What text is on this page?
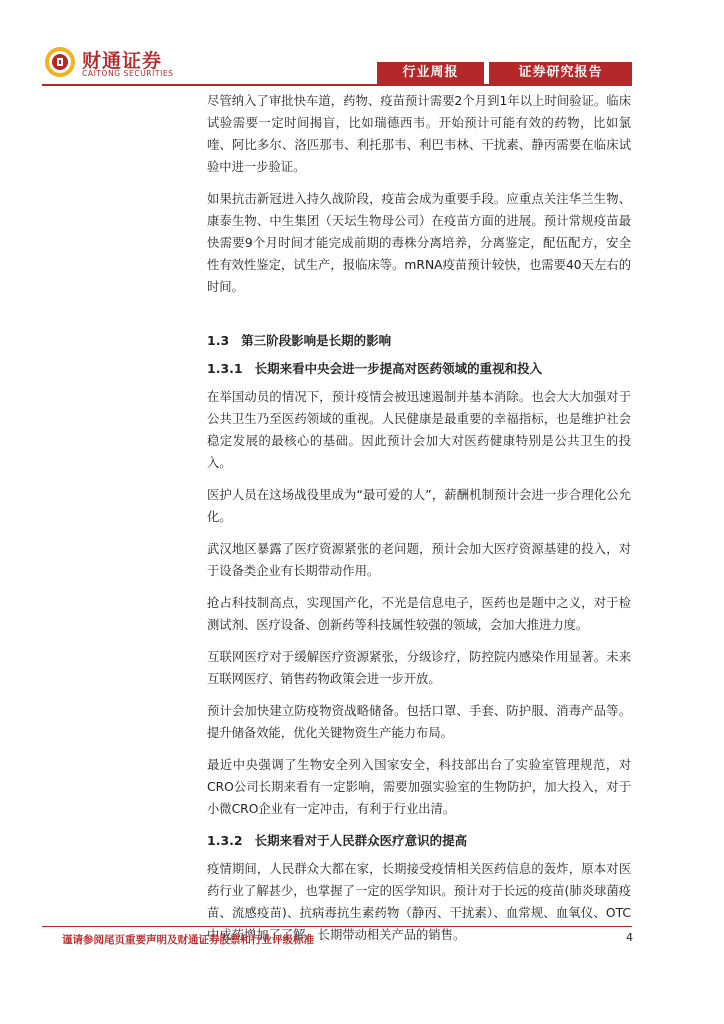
财通证券
CAITONG SECURITIES	行业周报	证券研究报告

尽管纳入了审批快车道，药物、疫苗预计需要2个月到1年以上时间验证。临床试验需要一定时间揭盲，比如瑞德西韦。开始预计可能有效的药物，比如氯喹、阿比多尔、洛匹那韦、利托那韦、利巴韦林、干扰素、静丙需要在临床试验中进一步验证。

如果抗击新冠进入持久战阶段，疫苗会成为重要手段。应重点关注华兰生物、康泰生物、中生集团（天坛生物母公司）在疫苗方面的进展。预计常规疫苗最快需要9个月时间才能完成前期的毒株分离培养，分离鉴定，配伍配方，安全性有效性鉴定，试生产，报临床等。mRNA疫苗预计较快，也需要40天左右的时间。

1.3 第三阶段影响是长期的影响
1.3.1 长期来看中央会进一步提高对医药领域的重视和投入

在举国动员的情况下，预计疫情会被迅速遏制并基本消除。也会大大加强对于公共卫生乃至医药领域的重视。人民健康是最重要的幸福指标，也是维护社会稳定发展的最核心的基础。因此预计会加大对医药健康特别是公共卫生的投入。

医护人员在这场战役里成为“最可爱的人”，薪酬机制预计会进一步合理化公允化。

武汉地区暴露了医疗资源紧张的老问题，预计会加大医疗资源基建的投入，对于设备类企业有长期带动作用。

抢占科技制高点，实现国产化，不光是信息电子，医药也是题中之义，对于检测试剂、医疗设备、创新药等科技属性较强的领域，会加大推进力度。

互联网医疗对于缓解医疗资源紧张，分级诊疗，防控院内感染作用显著。未来互联网医疗、销售药物政策会进一步开放。

预计会加快建立防疫物资战略储备。包括口罩、手套、防护服、消毒产品等。提升储备效能，优化关键物资生产能力布局。

最近中央强调了生物安全列入国家安全，科技部出台了实验室管理规范，对CRO公司长期来看有一定影响，需要加强实验室的生物防护，加大投入，对于小微CRO企业有一定冲击，有利于行业出清。

1.3.2 长期来看对于人民群众医疗意识的提高

疫情期间，人民群众大都在家，长期接受疫情相关医药信息的轰炸，原本对医药行业了解甚少，也掌握了一定的医学知识。预计对于长远的疫苗(肺炎球菌疫苗、流感疫苗)、抗病毒抗生素药物（静丙、干扰素）、血常规、血氧仪、OTC中成药增加了了解，长期带动相关产品的销售。

谨请参阅尾页重要声明及财通证券股票和行业评级标准	4
